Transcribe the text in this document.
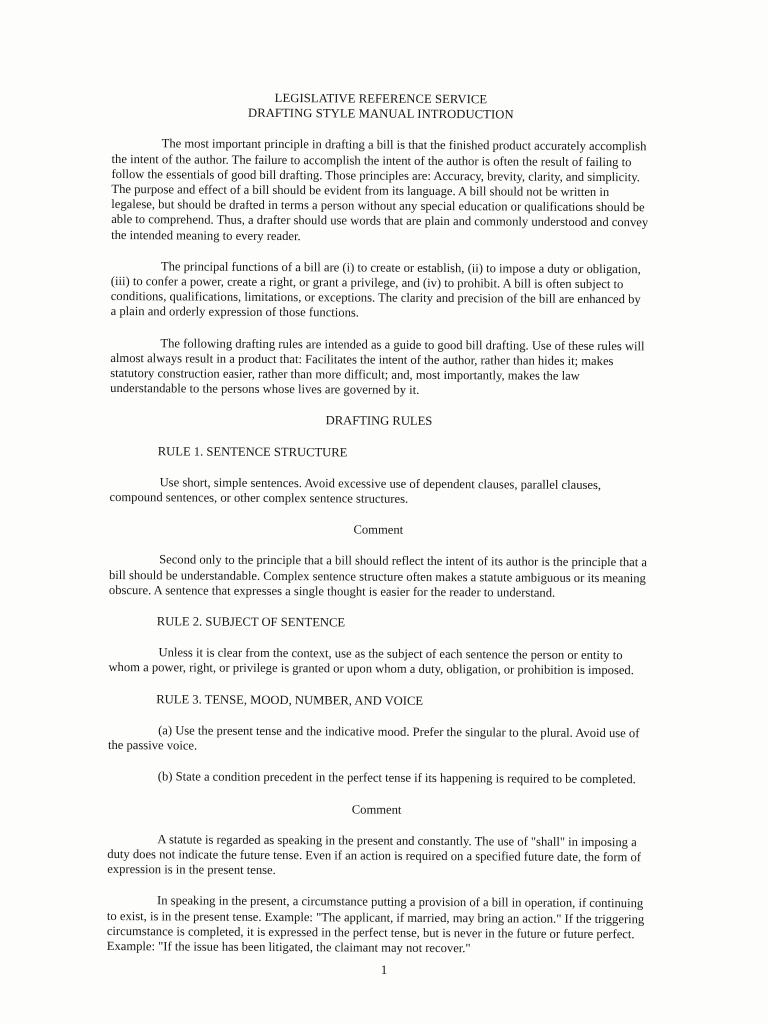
LEGISLATIVE REFERENCE SERVICE
DRAFTING STYLE MANUAL INTRODUCTION

The most important principle in drafting a bill is that the finished product accurately accomplish the intent of the author. The failure to accomplish the intent of the author is often the result of failing to follow the essentials of good bill drafting. Those principles are: Accuracy, brevity, clarity, and simplicity. The purpose and effect of a bill should be evident from its language. A bill should not be written in legalese, but should be drafted in terms a person without any special education or qualifications should be able to comprehend. Thus, a drafter should use words that are plain and commonly understood and convey the intended meaning to every reader.

The principal functions of a bill are (i) to create or establish, (ii) to impose a duty or obligation, (iii) to confer a power, create a right, or grant a privilege, and (iv) to prohibit. A bill is often subject to conditions, qualifications, limitations, or exceptions. The clarity and precision of the bill are enhanced by a plain and orderly expression of those functions.

The following drafting rules are intended as a guide to good bill drafting. Use of these rules will almost always result in a product that: Facilitates the intent of the author, rather than hides it; makes statutory construction easier, rather than more difficult; and, most importantly, makes the law understandable to the persons whose lives are governed by it.

DRAFTING RULES
RULE 1. SENTENCE STRUCTURE

Use short, simple sentences. Avoid excessive use of dependent clauses, parallel clauses, compound sentences, or other complex sentence structures.

Comment

Second only to the principle that a bill should reflect the intent of its author is the principle that a bill should be understandable. Complex sentence structure often makes a statute ambiguous or its meaning obscure. A sentence that expresses a single thought is easier for the reader to understand.

RULE 2. SUBJECT OF SENTENCE

Unless it is clear from the context, use as the subject of each sentence the person or entity to whom a power, right, or privilege is granted or upon whom a duty, obligation, or prohibition is imposed.

RULE 3. TENSE, MOOD, NUMBER, AND VOICE

(a) Use the present tense and the indicative mood. Prefer the singular to the plural. Avoid use of the passive voice.

(b) State a condition precedent in the perfect tense if its happening is required to be completed.

Comment

A statute is regarded as speaking in the present and constantly. The use of "shall" in imposing a duty does not indicate the future tense. Even if an action is required on a specified future date, the form of expression is in the present tense.

In speaking in the present, a circumstance putting a provision of a bill in operation, if continuing to exist, is in the present tense. Example: "The applicant, if married, may bring an action." If the triggering circumstance is completed, it is expressed in the perfect tense, but is never in the future or future perfect. Example: "If the issue has been litigated, the claimant may not recover."

1
